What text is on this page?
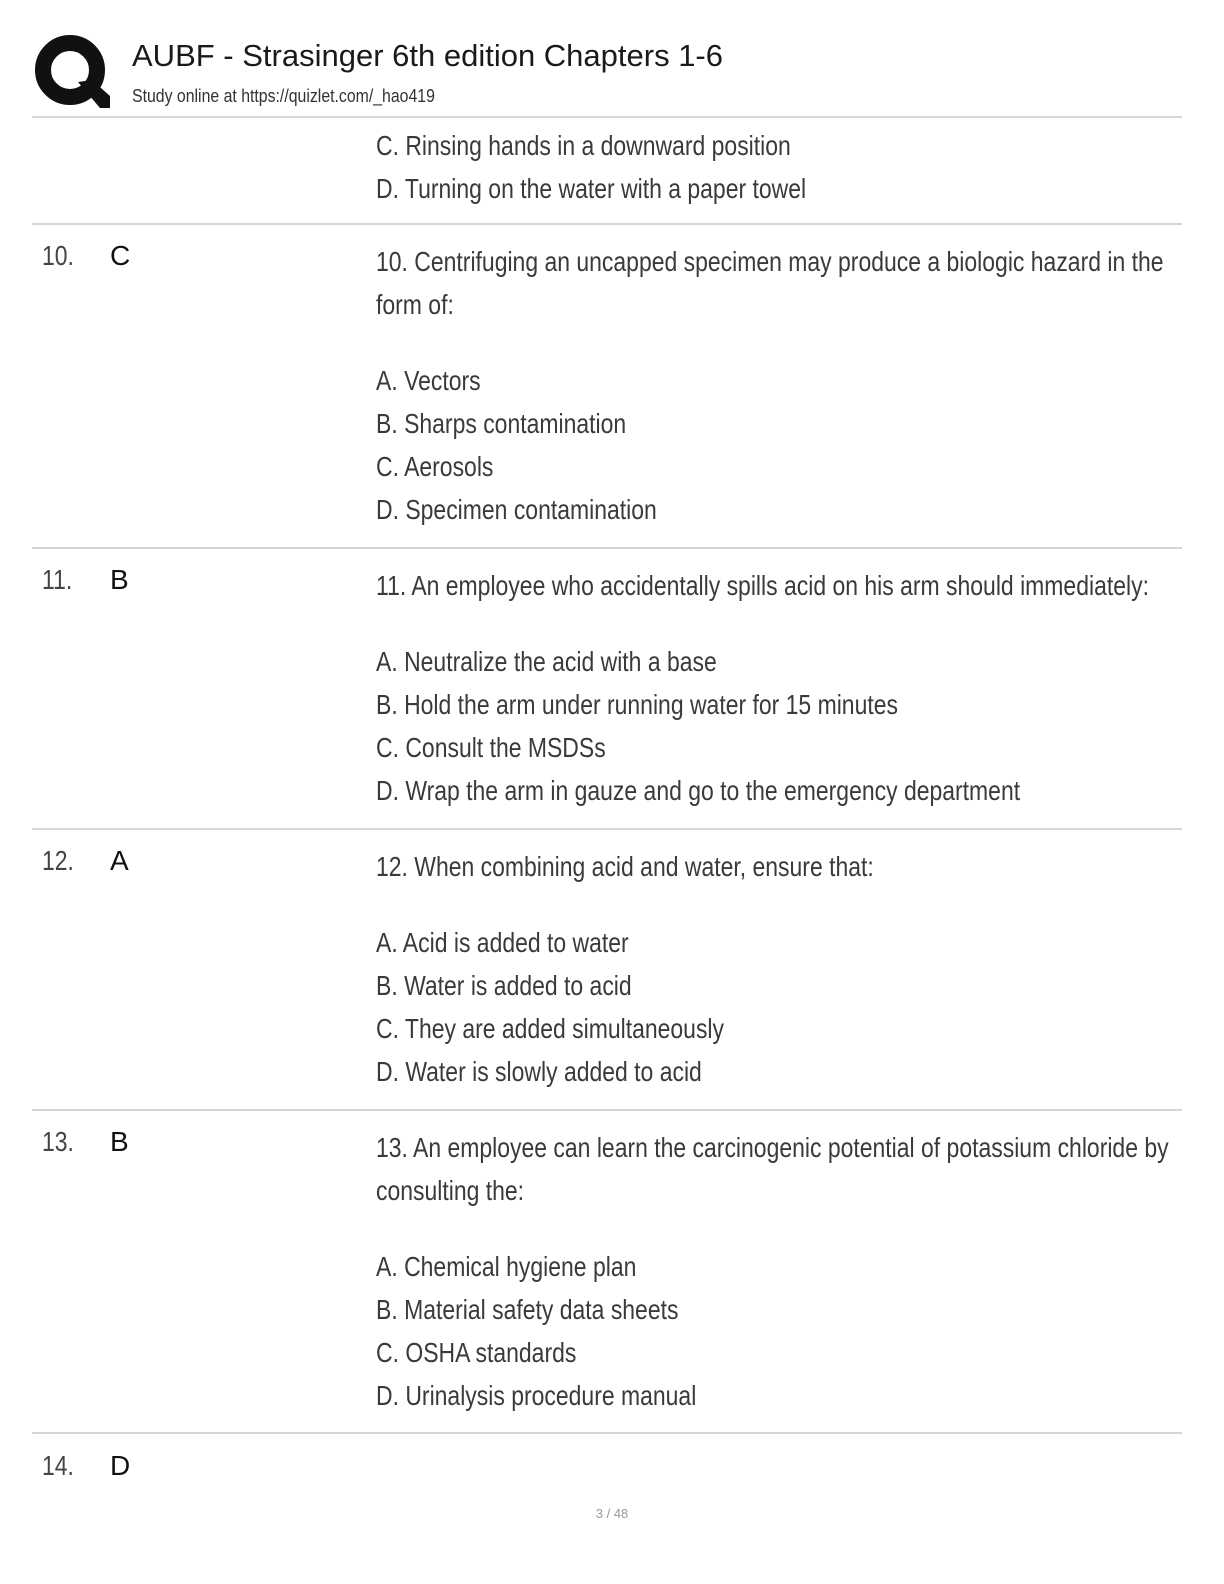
AUBF - Strasinger 6th edition Chapters 1-6
Study online at https://quizlet.com/_hao419
C. Rinsing hands in a downward position
D. Turning on the water with a paper towel
10. C	10. Centrifuging an uncapped specimen may produce a biologic hazard in the
form of:
A. Vectors
B. Sharps contamination
C. Aerosols
D. Specimen contamination
11. B	11. An employee who accidentally spills acid on his arm should immediately:
A. Neutralize the acid with a base
B. Hold the arm under running water for 15 minutes
C. Consult the MSDSs
D. Wrap the arm in gauze and go to the emergency department
12. A	12. When combining acid and water, ensure that:
A. Acid is added to water
B. Water is added to acid
C. They are added simultaneously
D. Water is slowly added to acid
13. B	13. An employee can learn the carcinogenic potential of potassium chloride by
consulting the:
A. Chemical hygiene plan
B. Material safety data sheets
C. OSHA standards
D. Urinalysis procedure manual
14. D
3 / 48
